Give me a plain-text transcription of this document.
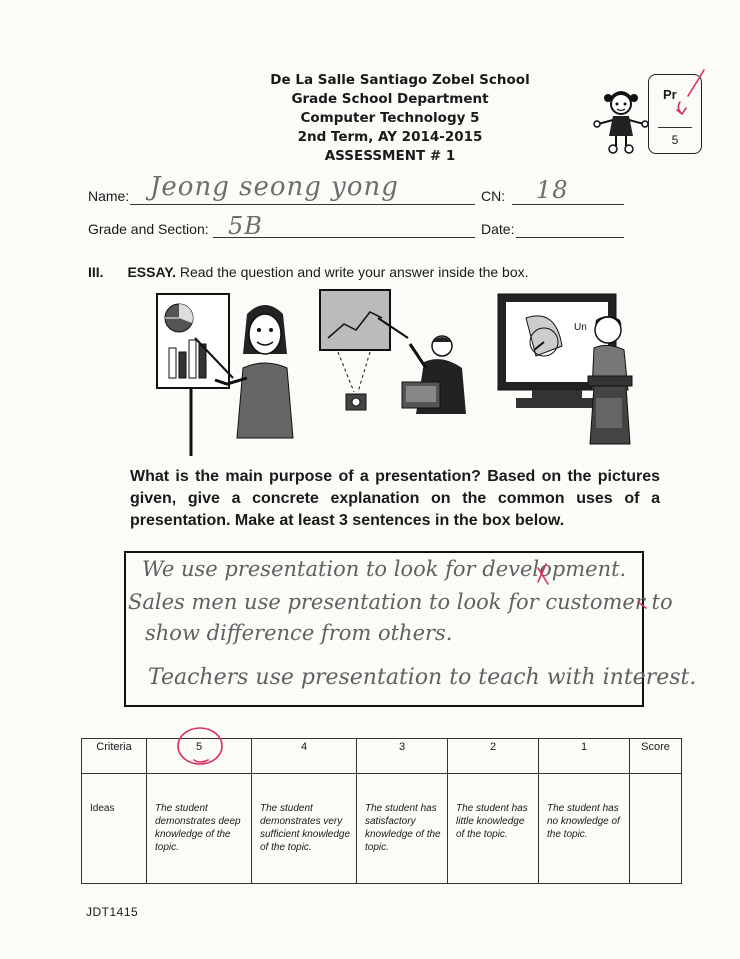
De La Salle Santiago Zobel School
Grade School Department
Computer Technology 5
2nd Term, AY 2014-2015
ASSESSMENT # 1
Pr
5
Name: Jeong seong yong	CN: 18
Grade and Section: 5B	Date:
III. ESSAY. Read the question and write your answer inside the box.
Un
What is the main purpose of a presentation? Based on the pictures given, give a concrete explanation on the common uses of a presentation. Make at least 3 sentences in the box below.
We use presentation to look for development.
Sales men use presentation to look for customer to
show difference from others.
Teachers use presentation to teach with interest.
Criteria	5	4	3	2	1	Score
Ideas	The student demonstrates deep knowledge of the topic.	The student demonstrates very sufficient knowledge of the topic.	The student has satisfactory knowledge of the topic.	The student has little knowledge of the topic.	The student has no knowledge of the topic.	
JDT1415
